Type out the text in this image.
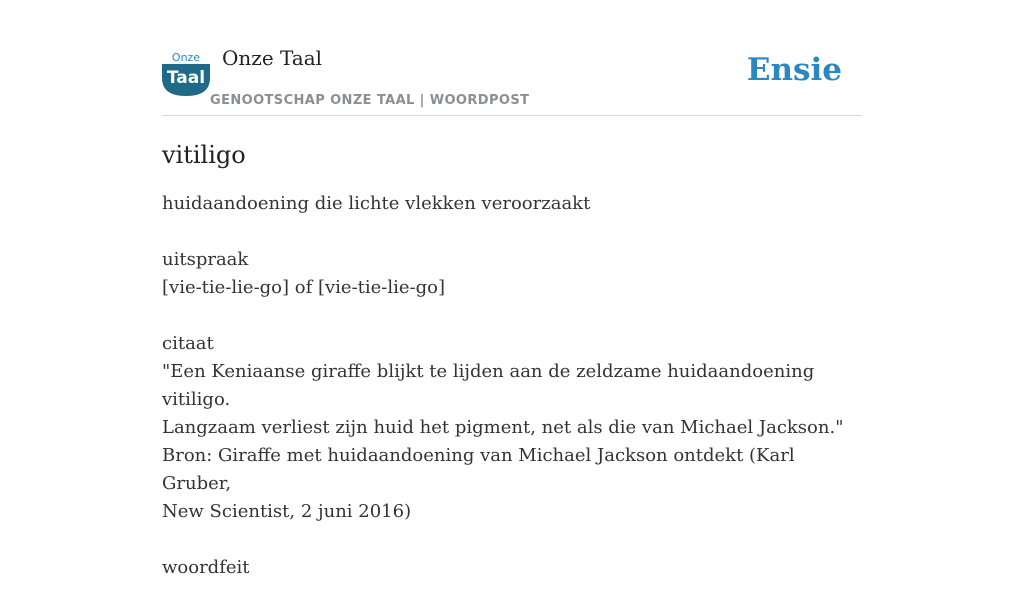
Onze
Taal
Onze Taal
GENOOTSCHAP ONZE TAAL | WOORDPOST
Ensie
vitiligo

huidaandoening die lichte vlekken veroorzaakt

uitspraak
[vie-tie-lie-go] of [vie-tie-lie-go]

citaat
"Een Keniaanse giraffe blijkt te lijden aan de zeldzame huidaandoening vitiligo.
Langzaam verliest zijn huid het pigment, net als die van Michael Jackson."
Bron: Giraffe met huidaandoening van Michael Jackson ontdekt (Karl Gruber,
New Scientist, 2 juni 2016)

woordfeit
